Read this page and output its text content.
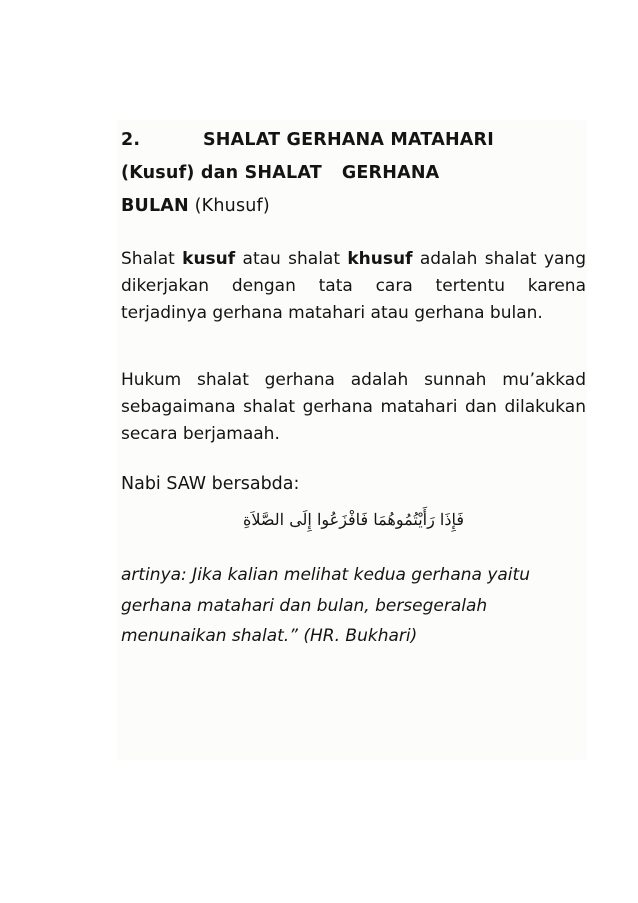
2.	SHALAT GERHANA MATAHARI
(Kusuf) dan SHALAT GERHANA
BULAN (Khusuf)
Shalat kusuf atau shalat khusuf adalah shalat yang dikerjakan dengan tata cara tertentu karena terjadinya gerhana matahari atau gerhana bulan.
Hukum shalat gerhana adalah sunnah mu’akkad sebagaimana shalat gerhana matahari dan dilakukan secara berjamaah.
Nabi SAW bersabda:
فَإِذَا رَأَيْتُمُوهُمَا فَافْزَعُوا إِلَى الصَّلاَةِ
artinya: Jika kalian melihat kedua gerhana yaitu gerhana matahari dan bulan, bersegeralah menunaikan shalat.” (HR. Bukhari)
